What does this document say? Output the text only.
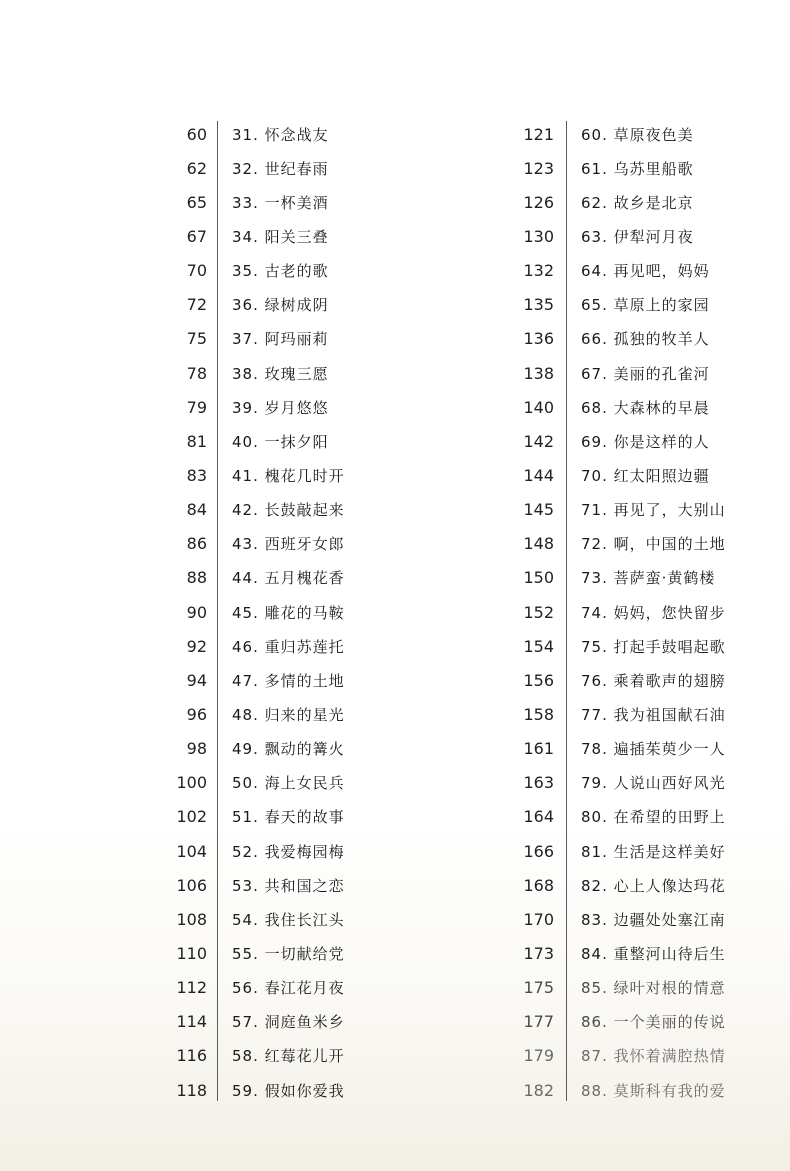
60 31. 怀念战友
62 32. 世纪春雨
65 33. 一杯美酒
67 34. 阳关三叠
70 35. 古老的歌
72 36. 绿树成阴
75 37. 阿玛丽莉
78 38. 玫瑰三愿
79 39. 岁月悠悠
81 40. 一抹夕阳
83 41. 槐花几时开
84 42. 长鼓敲起来
86 43. 西班牙女郎
88 44. 五月槐花香
90 45. 雕花的马鞍
92 46. 重归苏莲托
94 47. 多情的土地
96 48. 归来的星光
98 49. 飘动的篝火
100 50. 海上女民兵
102 51. 春天的故事
104 52. 我爱梅园梅
106 53. 共和国之恋
108 54. 我住长江头
110 55. 一切献给党
112 56. 春江花月夜
114 57. 洞庭鱼米乡
116 58. 红莓花儿开
118 59. 假如你爱我
121 60. 草原夜色美
123 61. 乌苏里船歌
126 62. 故乡是北京
130 63. 伊犁河月夜
132 64. 再见吧，妈妈
135 65. 草原上的家园
136 66. 孤独的牧羊人
138 67. 美丽的孔雀河
140 68. 大森林的早晨
142 69. 你是这样的人
144 70. 红太阳照边疆
145 71. 再见了，大别山
148 72. 啊，中国的土地
150 73. 菩萨蛮·黄鹤楼
152 74. 妈妈，您快留步
154 75. 打起手鼓唱起歌
156 76. 乘着歌声的翅膀
158 77. 我为祖国献石油
161 78. 遍插茱萸少一人
163 79. 人说山西好风光
164 80. 在希望的田野上
166 81. 生活是这样美好
168 82. 心上人像达玛花
170 83. 边疆处处塞江南
173 84. 重整河山待后生
175 85. 绿叶对根的情意
177 86. 一个美丽的传说
179 87. 我怀着满腔热情
182 88. 莫斯科有我的爱
